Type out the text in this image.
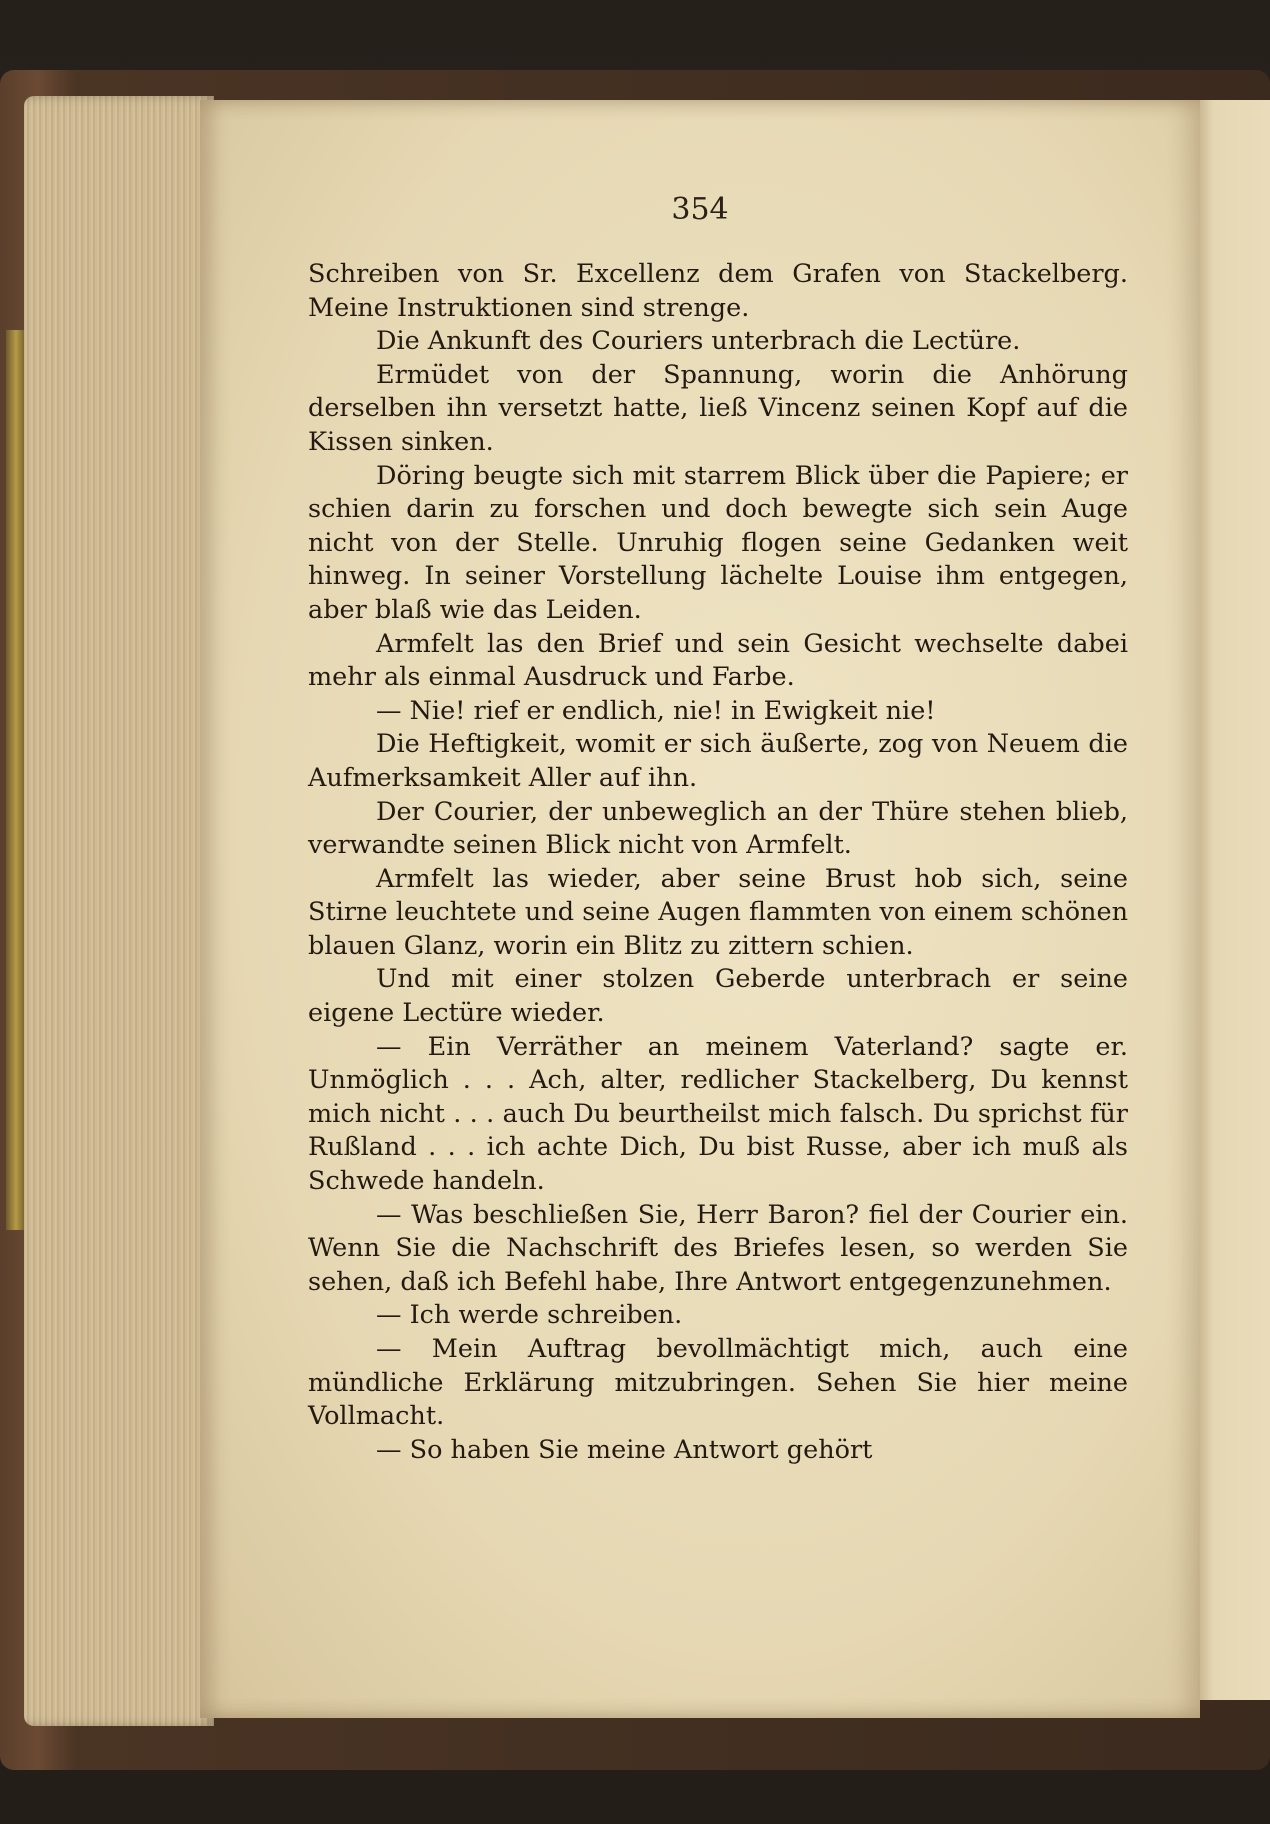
354

Schreiben von Sr. Excellenz dem Grafen von Stackelberg. Meine Instruktionen sind strenge.

Die Ankunft des Couriers unterbrach die Lectüre.

Ermüdet von der Spannung, worin die Anhörung derselben ihn versetzt hatte, ließ Vincenz seinen Kopf auf die Kissen sinken.

Döring beugte sich mit starrem Blick über die Papiere; er schien darin zu forschen und doch bewegte sich sein Auge nicht von der Stelle. Unruhig flogen seine Gedanken weit hinweg. In seiner Vorstellung lächelte Louise ihm entgegen, aber blaß wie das Leiden.

Armfelt las den Brief und sein Gesicht wechselte dabei mehr als einmal Ausdruck und Farbe.

— Nie! rief er endlich, nie! in Ewigkeit nie!

Die Heftigkeit, womit er sich äußerte, zog von Neuem die Aufmerksamkeit Aller auf ihn.

Der Courier, der unbeweglich an der Thüre stehen blieb, verwandte seinen Blick nicht von Armfelt.

Armfelt las wieder, aber seine Brust hob sich, seine Stirne leuchtete und seine Augen flammten von einem schönen blauen Glanz, worin ein Blitz zu zittern schien.

Und mit einer stolzen Geberde unterbrach er seine eigene Lectüre wieder.

— Ein Verräther an meinem Vaterland? sagte er. Unmöglich . . . Ach, alter, redlicher Stackelberg, Du kennst mich nicht . . . auch Du beurtheilst mich falsch. Du sprichst für Rußland . . . ich achte Dich, Du bist Russe, aber ich muß als Schwede handeln.

— Was beschließen Sie, Herr Baron? fiel der Courier ein. Wenn Sie die Nachschrift des Briefes lesen, so werden Sie sehen, daß ich Befehl habe, Ihre Antwort entgegenzunehmen.

— Ich werde schreiben.

— Mein Auftrag bevollmächtigt mich, auch eine mündliche Erklärung mitzubringen. Sehen Sie hier meine Vollmacht.

— So haben Sie meine Antwort gehört
